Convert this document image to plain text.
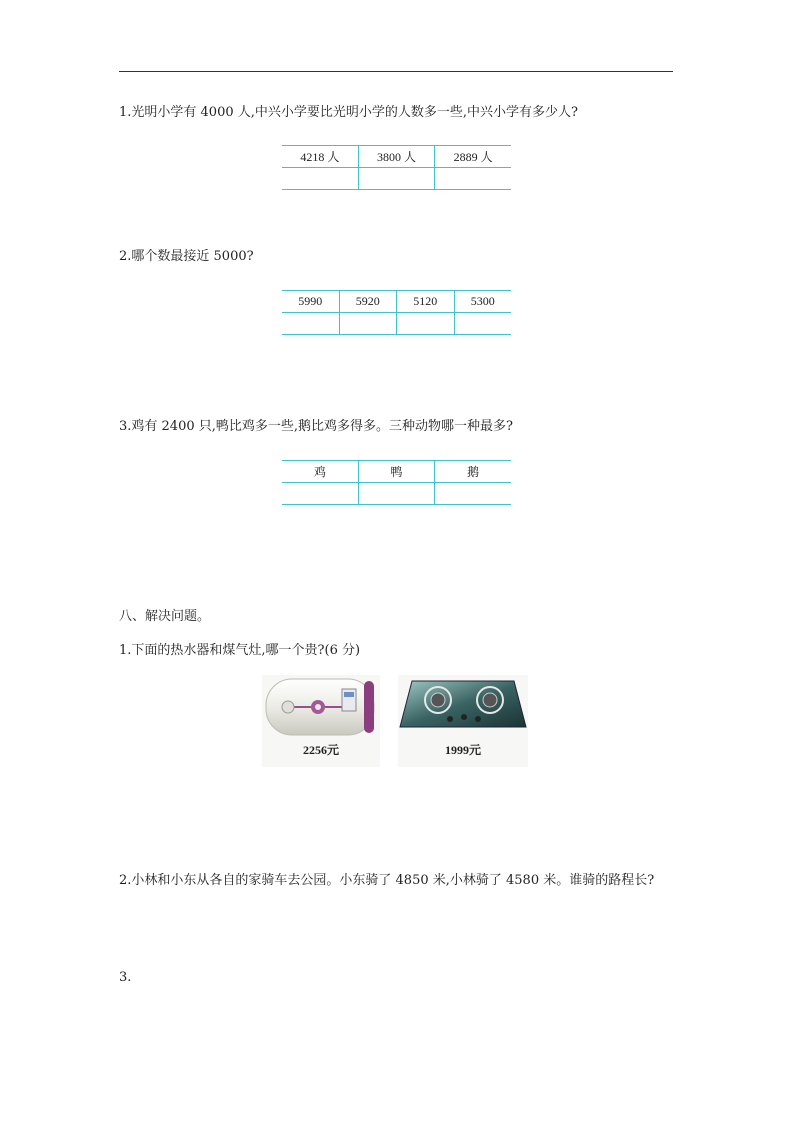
1.光明小学有 4000 人,中兴小学要比光明小学的人数多一些,中兴小学有多少人?
4218 人	3800 人	2889 人

2.哪个数最接近 5000?
5990	5920	5120	5300

3.鸡有 2400 只,鸭比鸡多一些,鹅比鸡多得多。三种动物哪一种最多?
鸡	鸭	鹅

八、解决问题。
1.下面的热水器和煤气灶,哪一个贵?(6 分)
2256元	1999元
2.小林和小东从各自的家骑车去公园。小东骑了 4850 米,小林骑了 4580 米。谁骑的路程长?
3.
